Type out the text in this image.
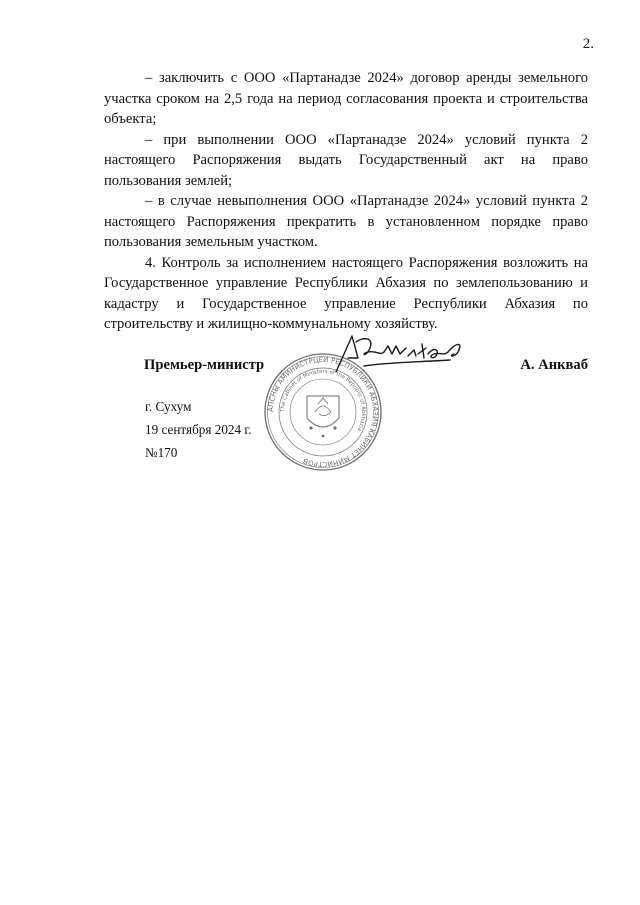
2.

– заключить с ООО «Партанадзе 2024» договор аренды земельного участка сроком на 2,5 года на период согласования проекта и строительства объекта;

– при выполнении ООО «Партанадзе 2024» условий пункта 2 настоящего Распоряжения выдать Государственный акт на право пользования землей;

– в случае невыполнения ООО «Партанадзе 2024» условий пункта 2 настоящего Распоряжения прекратить в установленном порядке право пользования земельным участком.

4. Контроль за исполнением настоящего Распоряжения возложить на Государственное управление Республики Абхазия по землепользованию и кадастру и Государственное управление Республики Абхазия по строительству и жилищно-коммунальному хозяйству.

АПСНЫ АМИНИСТРЦЕИ РЕСПУБЛИКИ АБХАЗИЯ КАБИНЕТ МИНИСТРОВ
The Cabinet of Ministers of the Republic of Abkhazia
Премьер-министр	А. Анкваб
г. Сухум
19 сентября 2024 г.
№170
